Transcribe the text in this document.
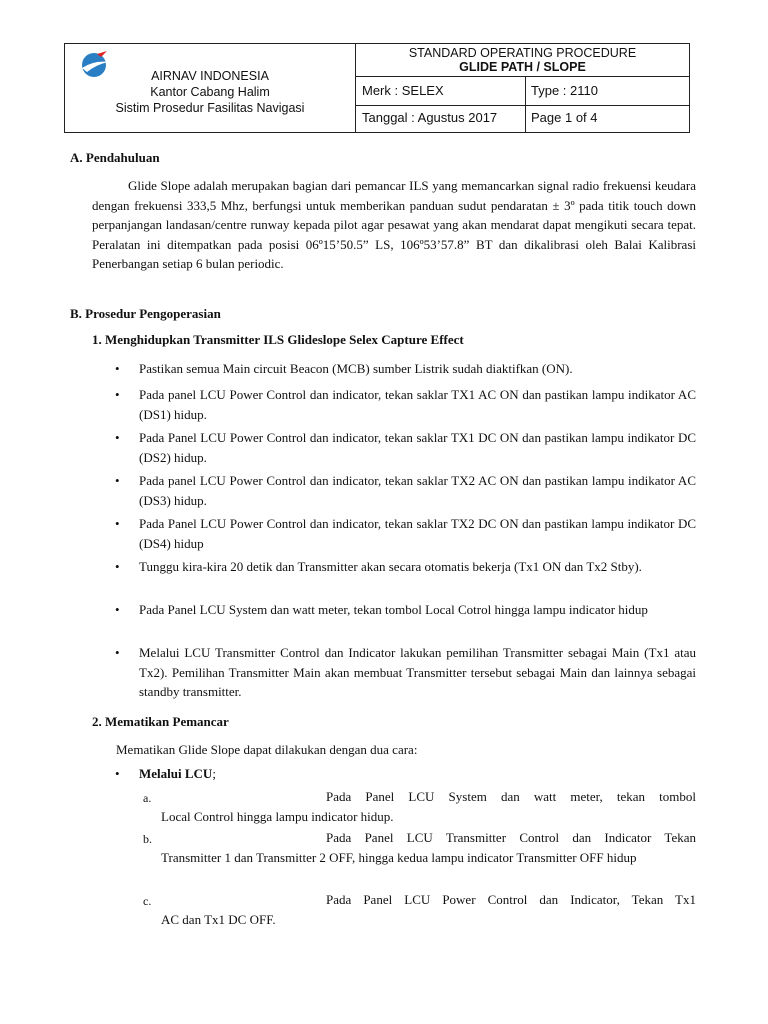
AIRNAV INDONESIA
Kantor Cabang Halim
Sistim Prosedur Fasilitas Navigasi
STANDARD OPERATING PROCEDURE
GLIDE PATH / SLOPE
Merk : SELEX	Type : 2110
Tanggal : Agustus 2017	Page 1 of 4
A. Pendahuluan
Glide Slope adalah merupakan bagian dari pemancar ILS yang memancarkan signal radio frekuensi keudara dengan frekuensi 333,5 Mhz, berfungsi untuk memberikan panduan sudut pendaratan ± 3º pada titik touch down perpanjangan landasan/centre runway kepada pilot agar pesawat yang akan mendarat dapat mengikuti secara tepat. Peralatan ini ditempatkan pada posisi 06º15’50.5” LS, 106º53’57.8” BT dan dikalibrasi oleh Balai Kalibrasi Penerbangan setiap 6 bulan periodic.
B. Prosedur Pengoperasian
1. Menghidupkan Transmitter ILS Glideslope Selex Capture Effect
• Pastikan semua Main circuit Beacon (MCB) sumber Listrik sudah diaktifkan (ON).
• Pada panel LCU Power Control dan indicator, tekan saklar TX1 AC ON dan pastikan lampu indikator AC (DS1) hidup.
• Pada Panel LCU Power Control dan indicator, tekan saklar TX1 DC ON dan pastikan lampu indikator DC (DS2) hidup.
• Pada panel LCU Power Control dan indicator, tekan saklar TX2 AC ON dan pastikan lampu indikator AC (DS3) hidup.
• Pada Panel LCU Power Control dan indicator, tekan saklar TX2 DC ON dan pastikan lampu indikator DC (DS4) hidup
• Tunggu kira-kira 20 detik dan Transmitter akan secara otomatis bekerja (Tx1 ON dan Tx2 Stby).
• Pada Panel LCU System dan watt meter, tekan tombol Local Cotrol hingga lampu indicator hidup
• Melalui LCU Transmitter Control dan Indicator lakukan pemilihan Transmitter sebagai Main (Tx1 atau Tx2). Pemilihan Transmitter Main akan membuat Transmitter tersebut sebagai Main dan lainnya sebagai standby transmitter.
2. Mematikan Pemancar
Mematikan Glide Slope dapat dilakukan dengan dua cara:
• Melalui LCU;
a.	Pada Panel LCU System dan watt meter, tekan tombol
Local Control hingga lampu indicator hidup.
b.	Pada Panel LCU Transmitter Control dan Indicator Tekan
Transmitter 1 dan Transmitter 2 OFF, hingga kedua lampu indicator Transmitter OFF hidup
c.	Pada Panel LCU Power Control dan Indicator, Tekan Tx1
AC dan Tx1 DC OFF.
